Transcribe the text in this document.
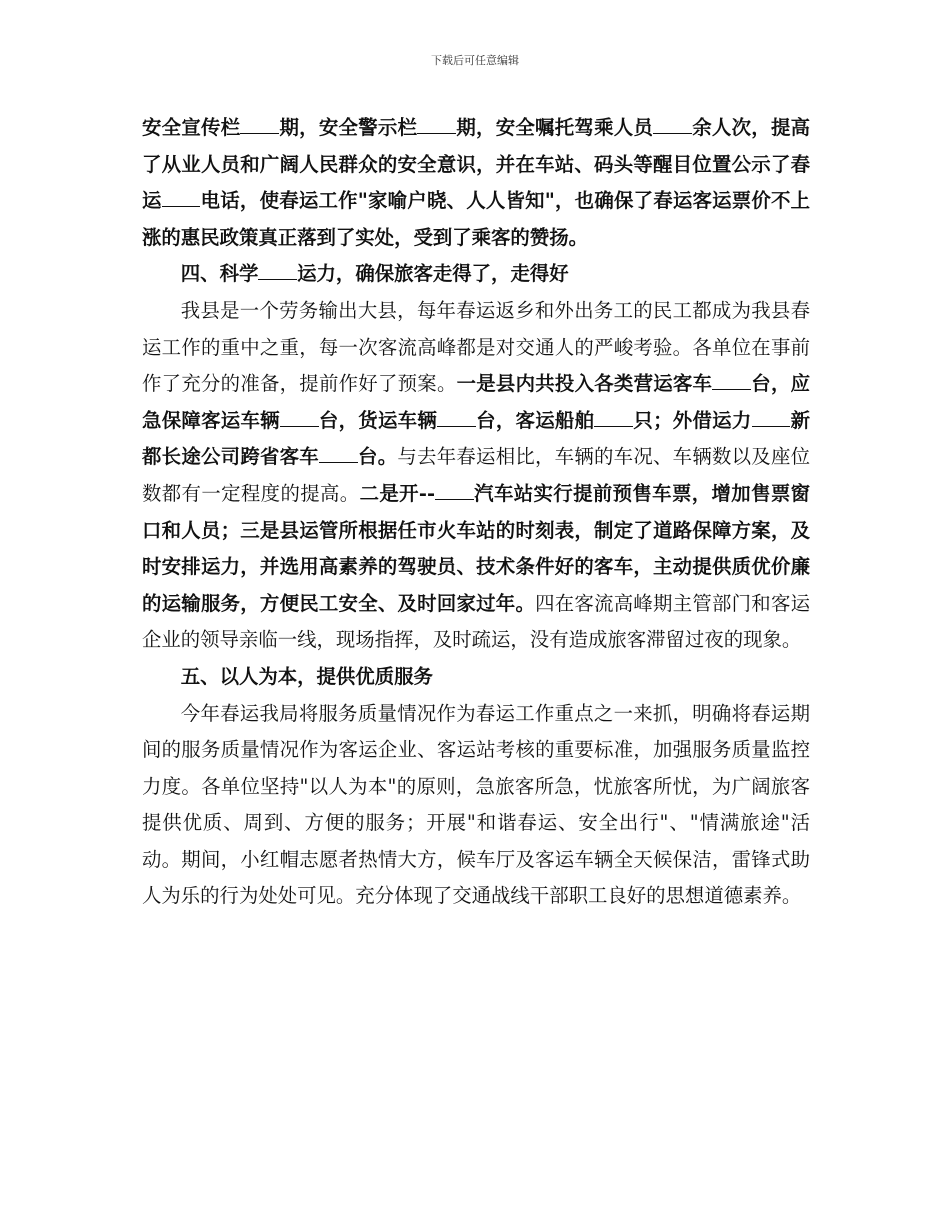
下载后可任意编辑

安全宣传栏 期，安全警示栏 期，安全嘱托驾乘人员 余人次，提高了从业人员和广阔人民群众的安全意识，并在车站、码头等醒目位置公示了春运 电话，使春运工作"家喻户晓、人人皆知"，也确保了春运客运票价不上涨的惠民政策真正落到了实处，受到了乘客的赞扬。

四、科学 运力，确保旅客走得了，走得好

我县是一个劳务输出大县，每年春运返乡和外出务工的民工都成为我县春运工作的重中之重，每一次客流高峰都是对交通人的严峻考验。各单位在事前作了充分的准备，提前作好了预案。一是县内共投入各类营运客车 台，应急保障客运车辆 台，货运车辆 台，客运船舶 只；外借运力 新都长途公司跨省客车 台。与去年春运相比，车辆的车况、车辆数以及座位数都有一定程度的提高。二是开-- 汽车站实行提前预售车票，增加售票窗口和人员；三是县运管所根据任市火车站的时刻表，制定了道路保障方案，及时安排运力，并选用高素养的驾驶员、技术条件好的客车，主动提供质优价廉的运输服务，方便民工安全、及时回家过年。四在客流高峰期主管部门和客运企业的领导亲临一线，现场指挥，及时疏运，没有造成旅客滞留过夜的现象。

五、以人为本，提供优质服务

今年春运我局将服务质量情况作为春运工作重点之一来抓，明确将春运期间的服务质量情况作为客运企业、客运站考核的重要标准，加强服务质量监控力度。各单位坚持"以人为本"的原则，急旅客所急，忧旅客所忧，为广阔旅客提供优质、周到、方便的服务；开展"和谐春运、安全出行"、"情满旅途"活动。期间，小红帽志愿者热情大方，候车厅及客运车辆全天候保洁，雷锋式助人为乐的行为处处可见。充分体现了交通战线干部职工良好的思想道德素养。
